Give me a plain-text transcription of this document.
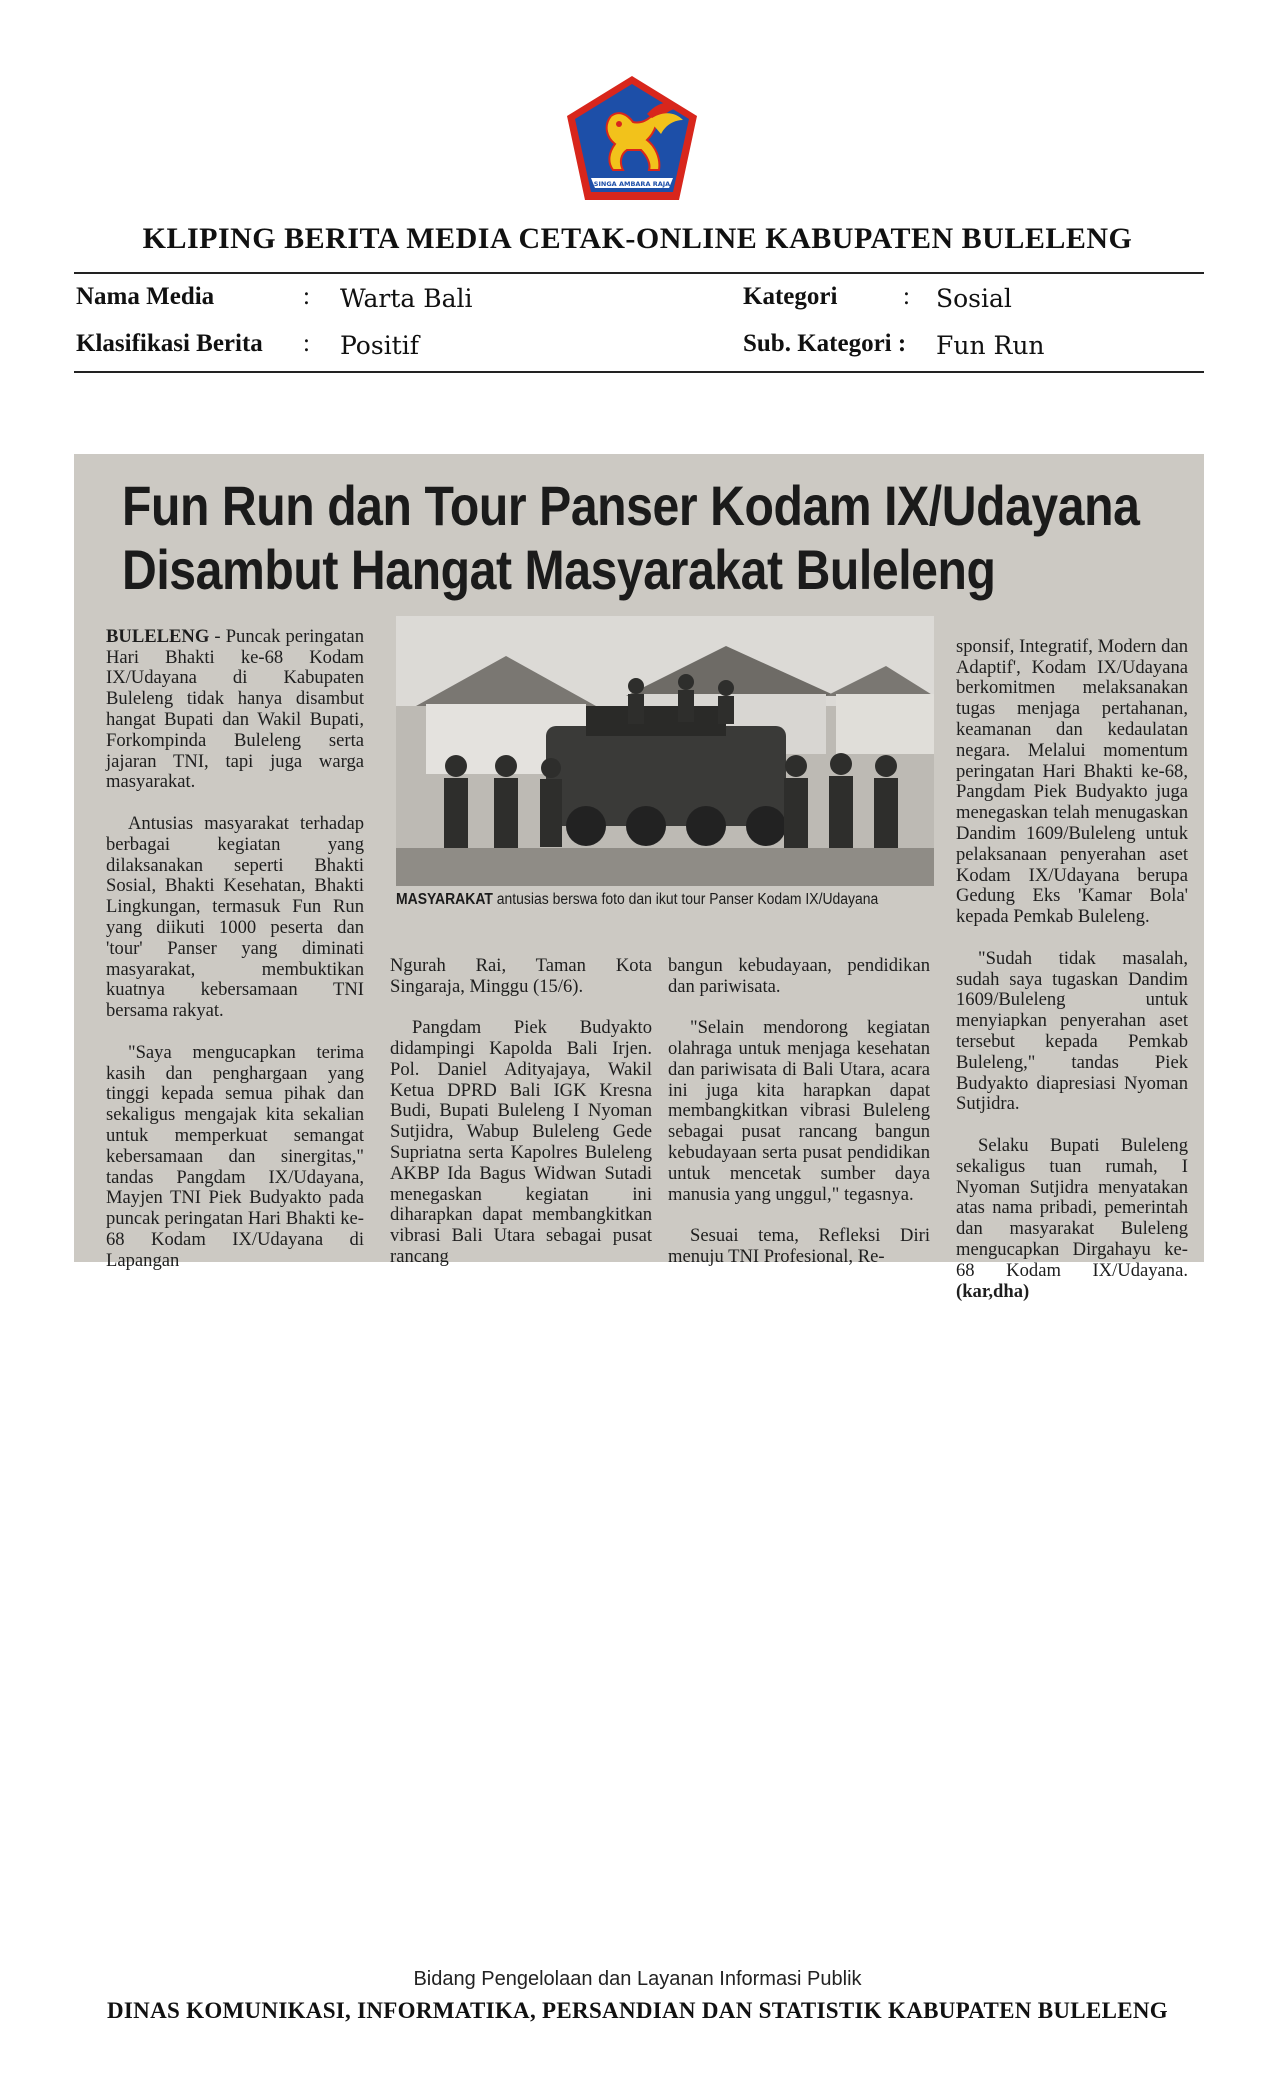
SINGA AMBARA RAJA
KLIPING BERITA MEDIA CETAK-ONLINE KABUPATEN BULELENG
Nama Media	: Warta Bali
Klasifikasi Berita : Positif
Kategori	: Sosial
Sub. Kategori : Fun Run
Fun Run dan Tour Panser Kodam IX/Udayana
Disambut Hangat Masyarakat Buleleng

BULELENG - Puncak peringatan Hari Bhakti ke-68 Kodam IX/Udayana di Kabupaten Buleleng tidak hanya disambut hangat Bupati dan Wakil Bupati, Forkompinda Buleleng serta jajaran TNI, tapi juga warga masyarakat.

Antusias masyarakat terhadap berbagai kegiatan yang dilaksanakan seperti Bhakti Sosial, Bhakti Kesehatan, Bhakti Lingkungan, termasuk Fun Run yang diikuti 1000 peserta dan 'tour' Panser yang diminati masyarakat, membuktikan kuatnya kebersamaan TNI bersama rakyat.

"Saya mengucapkan terima kasih dan penghargaan yang tinggi kepada semua pihak dan sekaligus mengajak kita sekalian untuk memperkuat semangat kebersamaan dan sinergitas," tandas Pangdam IX/Udayana, Mayjen TNI Piek Budyakto pada puncak peringatan Hari Bhakti ke-68 Kodam IX/Udayana di Lapangan

MASYARAKAT antusias berswa foto dan ikut tour Panser Kodam IX/Udayana

Ngurah Rai, Taman Kota Singaraja, Minggu (15/6).

Pangdam Piek Budyakto didampingi Kapolda Bali Irjen. Pol. Daniel Adityajaya, Wakil Ketua DPRD Bali IGK Kresna Budi, Bupati Buleleng I Nyoman Sutjidra, Wabup Buleleng Gede Supriatna serta Kapolres Buleleng AKBP Ida Bagus Widwan Sutadi menegaskan kegiatan ini diharapkan dapat membangkitkan vibrasi Bali Utara sebagai pusat rancang

bangun kebudayaan, pendidikan dan pariwisata.

"Selain mendorong kegiatan olahraga untuk menjaga kesehatan dan pariwisata di Bali Utara, acara ini juga kita harapkan dapat membangkitkan vibrasi Buleleng sebagai pusat rancang bangun kebudayaan serta pusat pendidikan untuk mencetak sumber daya manusia yang unggul," tegasnya.

Sesuai tema, Refleksi Diri menuju TNI Profesional, Re-

sponsif, Integratif, Modern dan Adaptif', Kodam IX/Udayana berkomitmen melaksanakan tugas menjaga pertahanan, keamanan dan kedaulatan negara. Melalui momentum peringatan Hari Bhakti ke-68, Pangdam Piek Budyakto juga menegaskan telah menugaskan Dandim 1609/Buleleng untuk pelaksanaan penyerahan aset Kodam IX/Udayana berupa Gedung Eks 'Kamar Bola' kepada Pemkab Buleleng.

"Sudah tidak masalah, sudah saya tugaskan Dandim 1609/Buleleng untuk menyiapkan penyerahan aset tersebut kepada Pemkab Buleleng," tandas Piek Budyakto diapresiasi Nyoman Sutjidra.

Selaku Bupati Buleleng sekaligus tuan rumah, I Nyoman Sutjidra menyatakan atas nama pribadi, pemerintah dan masyarakat Buleleng mengucapkan Dirgahayu ke-68 Kodam IX/Udayana. (kar,dha)

Bidang Pengelolaan dan Layanan Informasi Publik
DINAS KOMUNIKASI, INFORMATIKA, PERSANDIAN DAN STATISTIK KABUPATEN BULELENG
